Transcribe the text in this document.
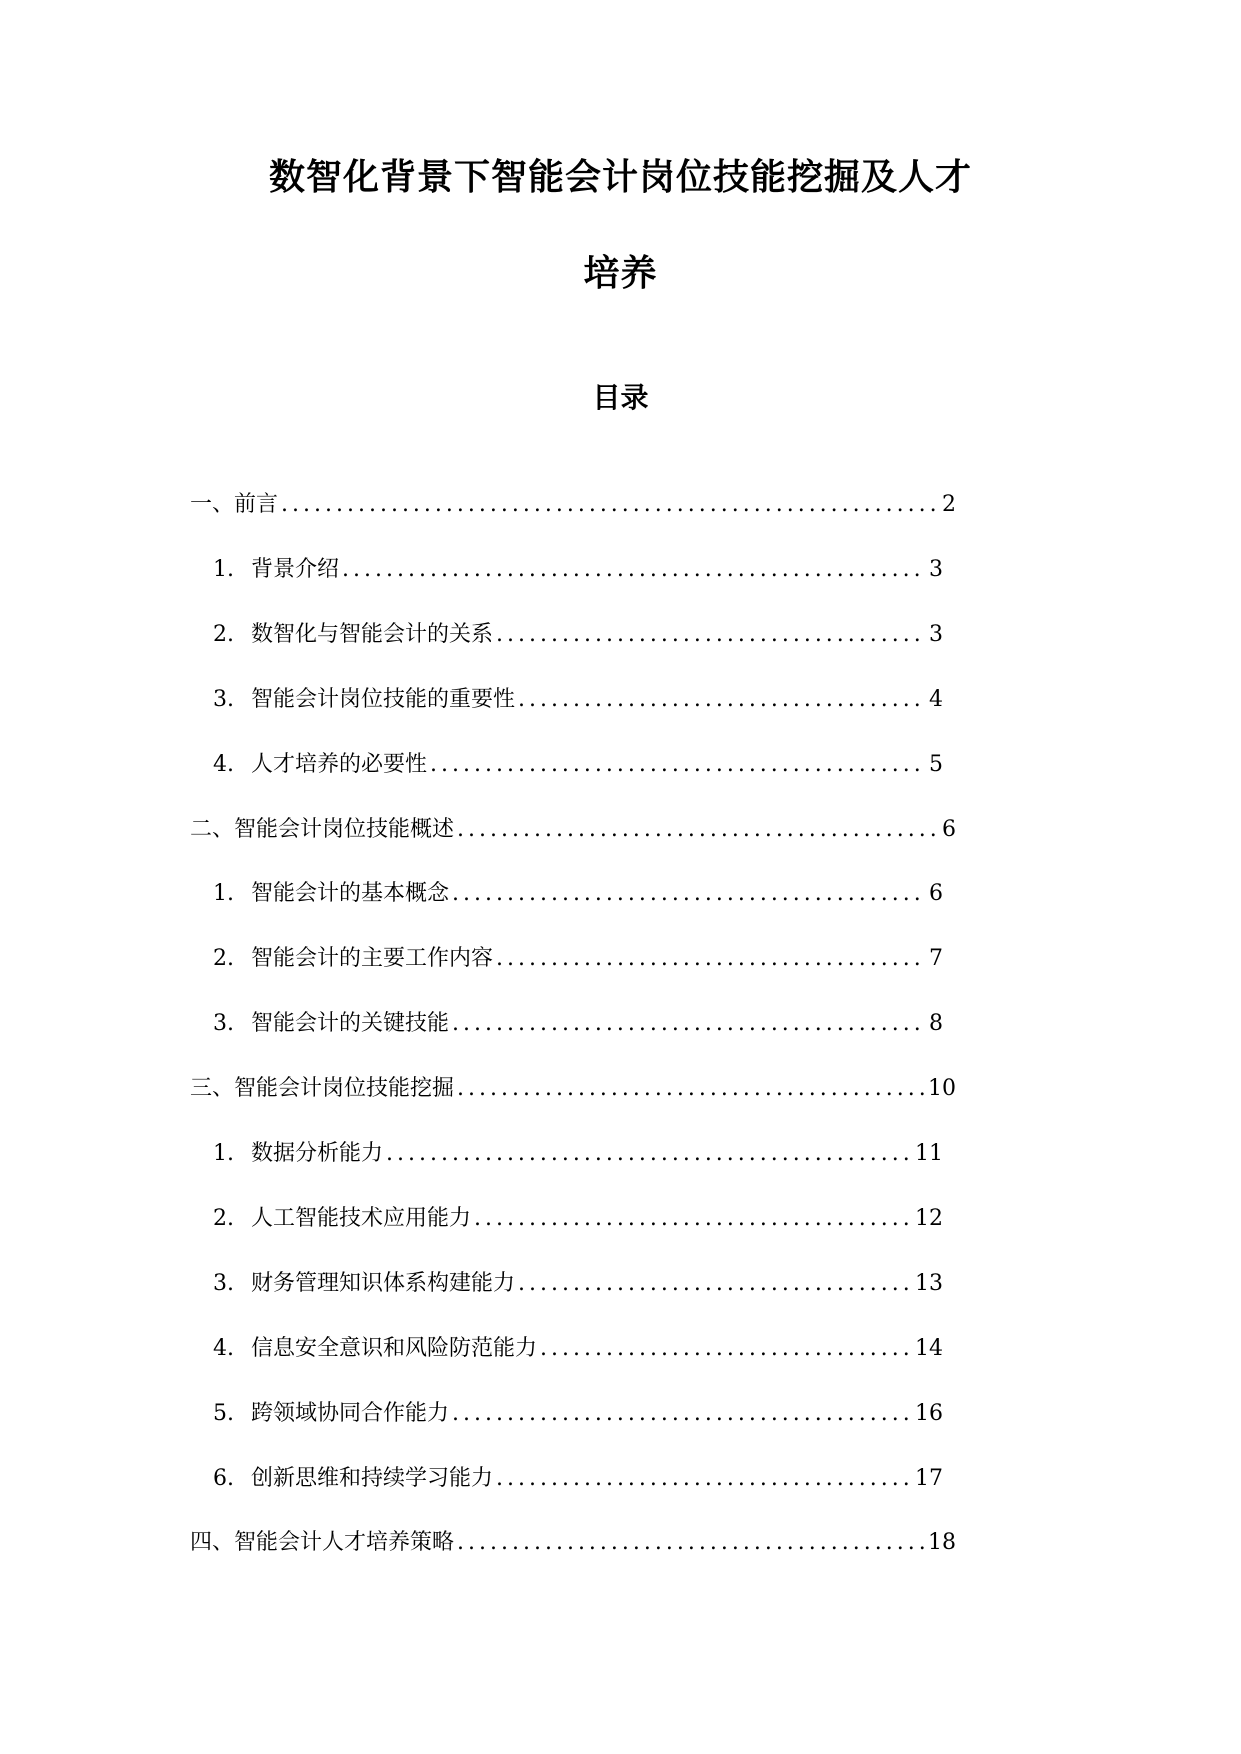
数智化背景下智能会计岗位技能挖掘及人才
培养
目录
一、前言 .....	2
1. 背景介绍 .....	3
2. 数智化与智能会计的关系 .....	3
3. 智能会计岗位技能的重要性 .....	4
4. 人才培养的必要性 .....	5
二、智能会计岗位技能概述 .....	6
1. 智能会计的基本概念 .....	6
2. 智能会计的主要工作内容 .....	7
3. 智能会计的关键技能 .....	8
三、智能会计岗位技能挖掘 .....	10
1. 数据分析能力 .....	11
2. 人工智能技术应用能力 .....	12
3. 财务管理知识体系构建能力 .....	13
4. 信息安全意识和风险防范能力 .....	14
5. 跨领域协同合作能力 .....	16
6. 创新思维和持续学习能力 .....	17
四、智能会计人才培养策略 .....	18
